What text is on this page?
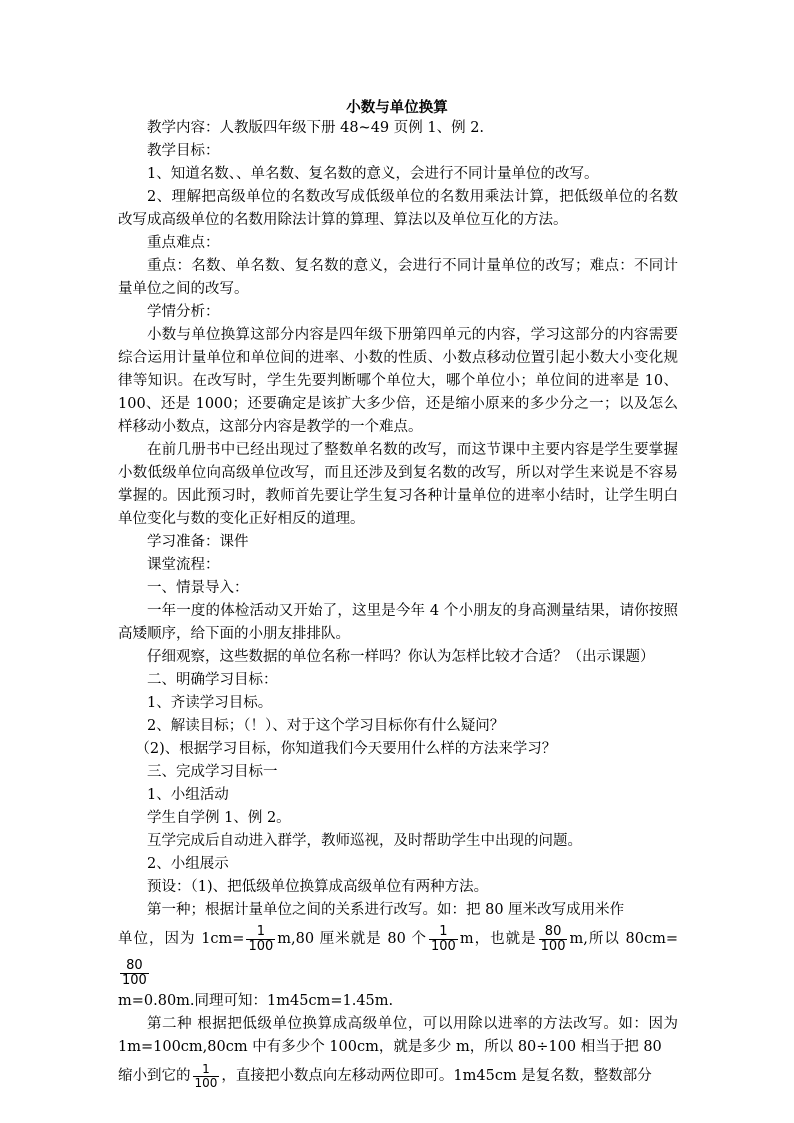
小数与单位换算

教学内容：人教版四年级下册 48~49 页例 1、例 2.

教学目标：

1、知道名数、、单名数、复名数的意义，会进行不同计量单位的改写。

2、理解把高级单位的名数改写成低级单位的名数用乘法计算，把低级单位的名数改写成高级单位的名数用除法计算的算理、算法以及单位互化的方法。

重点难点：

重点：名数、单名数、复名数的意义，会进行不同计量单位的改写；难点：不同计量单位之间的改写。

学情分析：

小数与单位换算这部分内容是四年级下册第四单元的内容，学习这部分的内容需要综合运用计量单位和单位间的进率、小数的性质、小数点移动位置引起小数大小变化规律等知识。在改写时，学生先要判断哪个单位大，哪个单位小；单位间的进率是 10、100、还是 1000；还要确定是该扩大多少倍，还是缩小原来的多少分之一；以及怎么样移动小数点，这部分内容是教学的一个难点。

在前几册书中已经出现过了整数单名数的改写，而这节课中主要内容是学生要掌握小数低级单位向高级单位改写，而且还涉及到复名数的改写，所以对学生来说是不容易掌握的。因此预习时，教师首先要让学生复习各种计量单位的进率小结时，让学生明白单位变化与数的变化正好相反的道理。

学习准备：课件

课堂流程：

一、情景导入：

一年一度的体检活动又开始了，这里是今年 4 个小朋友的身高测量结果，请你按照高矮顺序，给下面的小朋友排排队。

仔细观察，这些数据的单位名称一样吗？你认为怎样比较才合适？（出示课题）

二、明确学习目标：

1、齐读学习目标。

2、解读目标；（！）、对于这个学习目标你有什么疑问？

（2)、根据学习目标，你知道我们今天要用什么样的方法来学习？

三、完成学习目标一

1、小组活动

学生自学例 1、例 2。

互学完成后自动进入群学，教师巡视，及时帮助学生中出现的问题。

2、小组展示

预设：（1)、把低级单位换算成高级单位有两种方法。

第一种；根据计量单位之间的关系进行改写。如：把 80 厘米改写成用米作

单位，因为 $1cm= \frac{1}{100} m,80$ 厘米就是 80 个 $\frac{1}{100}$ m，也就是 $\frac{80}{100} m$,所以 80cm=
$\frac{80}{100}$

m=0.80m.同理可知：1m45cm=1.45m.

第二种 根据把低级单位换算成高级单位，可以用除以进率的方法改写。如：因为 1m=100cm,80cm 中有多少个 100cm，就是多少 m，所以 80÷100 相当于把 80

缩小到它的 $\frac{1}{100}$ ，直接把小数点向左移动两位即可。1m45cm 是复名数，整数部分
